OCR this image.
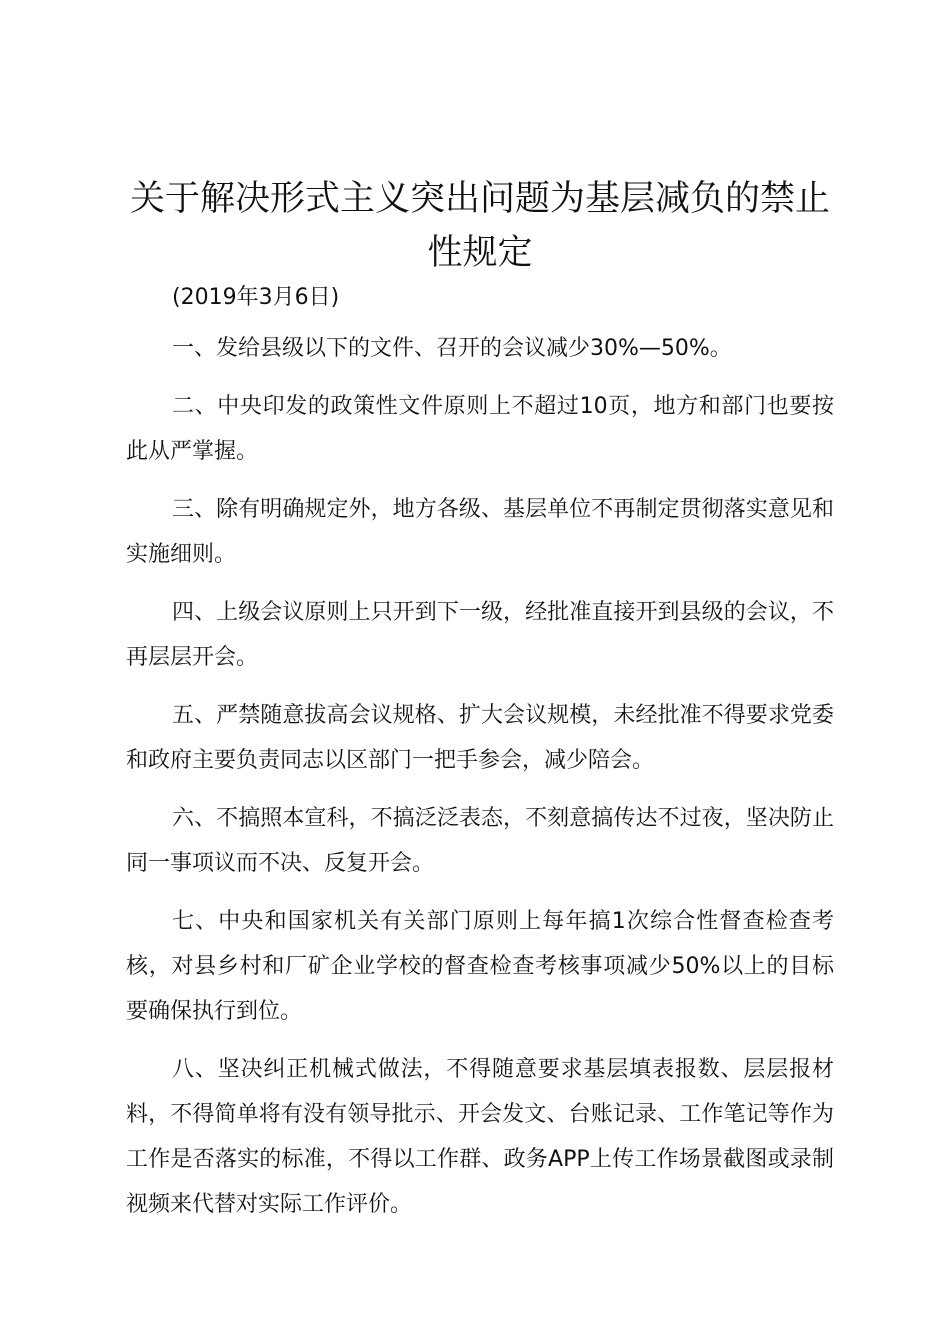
关于解决形式主义突出问题为基层减负的禁止性规定

(2019年3月6日)

一、发给县级以下的文件、召开的会议减少30%—50%。

二、中央印发的政策性文件原则上不超过10页，地方和部门也要按此从严掌握。

三、除有明确规定外，地方各级、基层单位不再制定贯彻落实意见和实施细则。

四、上级会议原则上只开到下一级，经批准直接开到县级的会议，不再层层开会。

五、严禁随意拔高会议规格、扩大会议规模，未经批准不得要求党委和政府主要负责同志以区部门一把手参会，减少陪会。

六、不搞照本宣科，不搞泛泛表态，不刻意搞传达不过夜，坚决防止同一事项议而不决、反复开会。

七、中央和国家机关有关部门原则上每年搞1次综合性督查检查考核，对县乡村和厂矿企业学校的督查检查考核事项减少50%以上的目标要确保执行到位。

八、坚决纠正机械式做法，不得随意要求基层填表报数、层层报材料，不得简单将有没有领导批示、开会发文、台账记录、工作笔记等作为工作是否落实的标准，不得以工作群、政务APP上传工作场景截图或录制视频来代替对实际工作评价。
